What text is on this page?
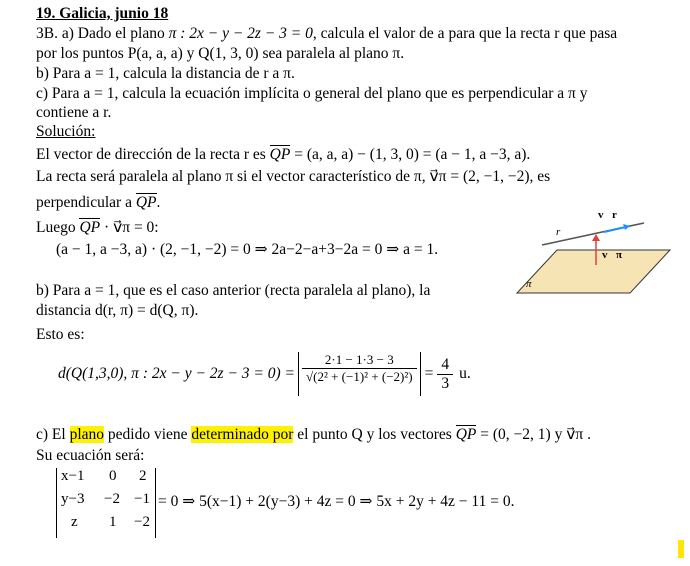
19. Galicia, junio 18
3B. a) Dado el plano π : 2x − y − 2z − 3 = 0, calcula el valor de a para que la recta r que pasa
por los puntos P(a, a, a) y Q(1, 3, 0) sea paralela al plano π.
b) Para a = 1, calcula la distancia de r a π.
c) Para a = 1, calcula la ecuación implícita o general del plano que es perpendicular a π y
contiene a r.
Solución:
El vector de dirección de la recta r es QP = (a, a, a) − (1, 3, 0) = (a − 1, a −3, a).
La recta será paralela al plano π si el vector característico de π, v⃗π = (2, −1, −2), es
perpendicular a QP.
Luego QP · v⃗π = 0:
(a − 1, a −3, a) · (2, −1, −2) = 0 ⇒ 2a−2−a+3−2a = 0 ⇒ a = 1.
r
v⃗r
v⃗π
π
b) Para a = 1, que es el caso anterior (recta paralela al plano), la
distancia d(r, π) = d(Q, π).
Esto es:
d(Q(1,3,0), π : $2x - y - 2z - 3 = 0) = \frac{2\cdot 1 - 1\cdot 3 - 3}{\text{√(2² + (−1)² + (−2)²)}} = \frac{4}{3} u$.
c) El plano pedido viene determinado por el punto Q y los vectores QP = (0, −2, 1) y v⃗π .
Su ecuación será:
x−1 0 2
y−3 −2 −1
z 1 −2
= 0 ⇒ 5(x−1) + 2(y−3) + 4z = 0 ⇒ 5x + 2y + 4z − 11 = 0.
